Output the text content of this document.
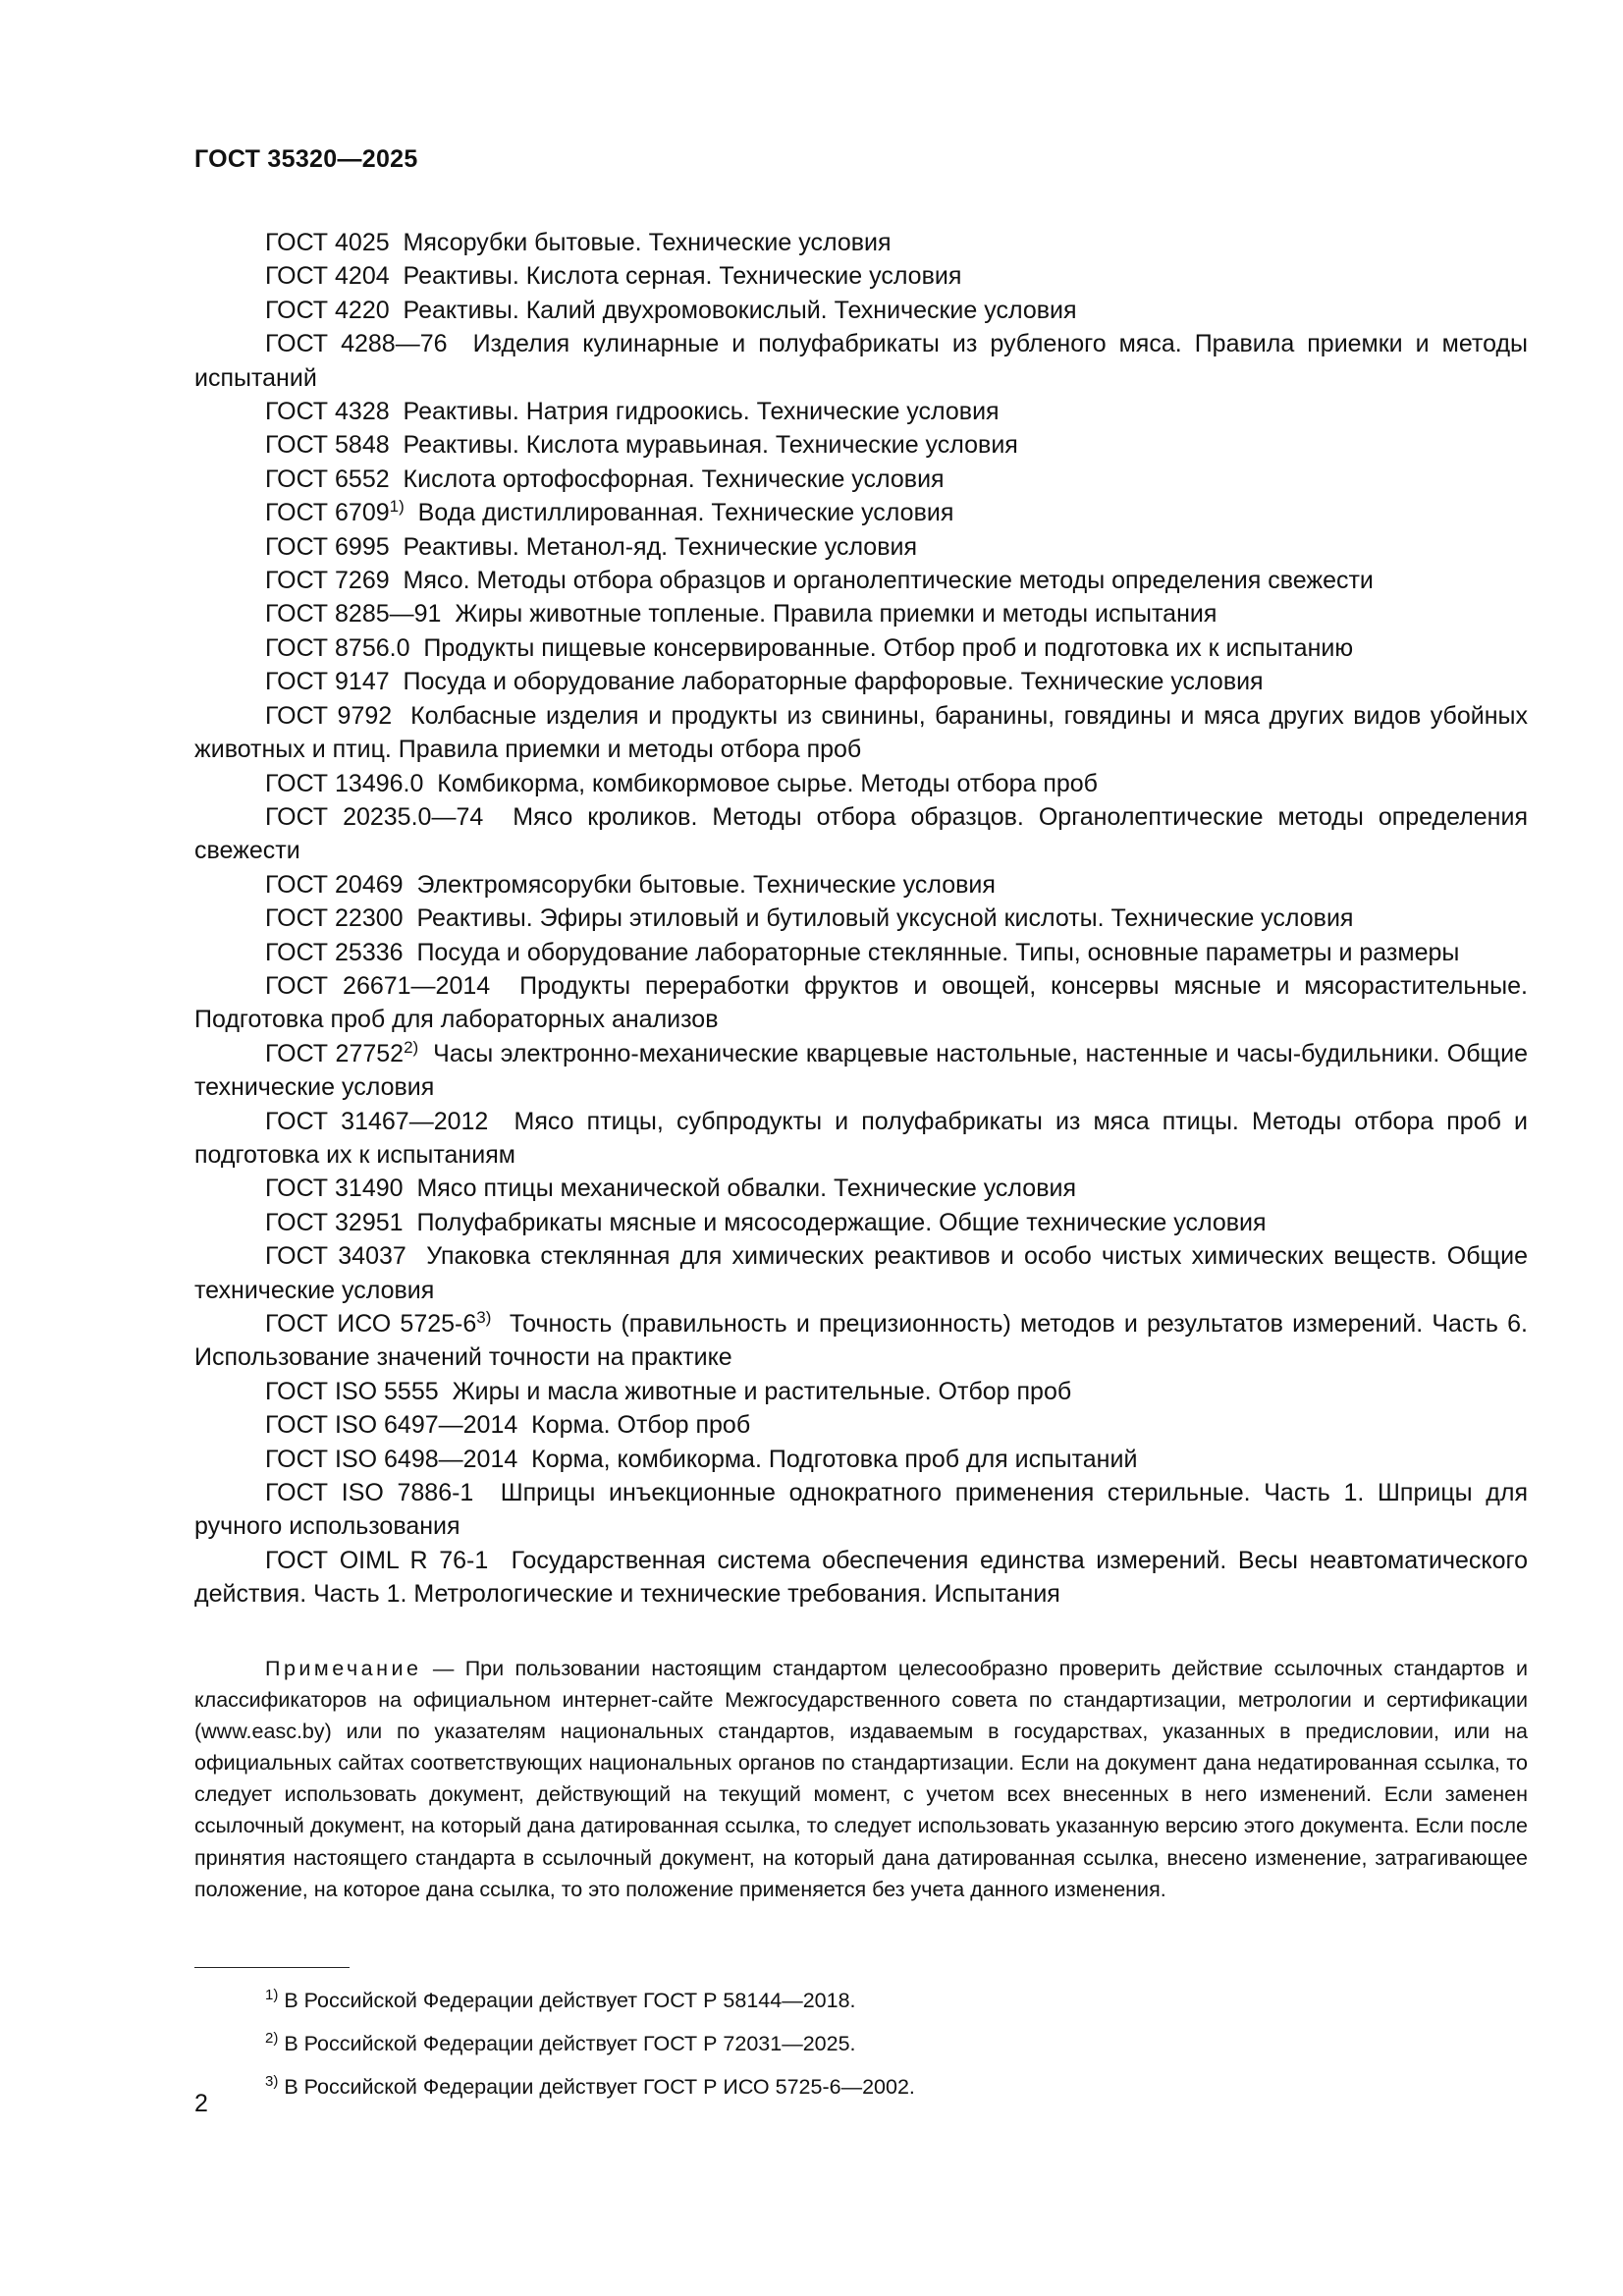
ГОСТ 35320—2025

ГОСТ 4025 Мясорубки бытовые. Технические условия

ГОСТ 4204 Реактивы. Кислота серная. Технические условия

ГОСТ 4220 Реактивы. Калий двухромовокислый. Технические условия

ГОСТ 4288—76 Изделия кулинарные и полуфабрикаты из рубленого мяса. Правила приемки и методы испытаний

ГОСТ 4328 Реактивы. Натрия гидроокись. Технические условия

ГОСТ 5848 Реактивы. Кислота муравьиная. Технические условия

ГОСТ 6552 Кислота ортофосфорная. Технические условия

ГОСТ 6709$^{1)}$ Вода дистиллированная. Технические условия

ГОСТ 6995 Реактивы. Метанол-яд. Технические условия

ГОСТ 7269 Мясо. Методы отбора образцов и органолептические методы определения свежести

ГОСТ 8285—91 Жиры животные топленые. Правила приемки и методы испытания

ГОСТ 8756.0 Продукты пищевые консервированные. Отбор проб и подготовка их к испытанию

ГОСТ 9147 Посуда и оборудование лабораторные фарфоровые. Технические условия

ГОСТ 9792 Колбасные изделия и продукты из свинины, баранины, говядины и мяса других видов убойных животных и птиц. Правила приемки и методы отбора проб

ГОСТ 13496.0 Комбикорма, комбикормовое сырье. Методы отбора проб

ГОСТ 20235.0—74 Мясо кроликов. Методы отбора образцов. Органолептические методы определения свежести

ГОСТ 20469 Электромясорубки бытовые. Технические условия

ГОСТ 22300 Реактивы. Эфиры этиловый и бутиловый уксусной кислоты. Технические условия

ГОСТ 25336 Посуда и оборудование лабораторные стеклянные. Типы, основные параметры и размеры

ГОСТ 26671—2014 Продукты переработки фруктов и овощей, консервы мясные и мясорастительные. Подготовка проб для лабораторных анализов

ГОСТ 27752$^{2)}$ Часы электронно-механические кварцевые настольные, настенные и часы-будильники. Общие технические условия

ГОСТ 31467—2012 Мясо птицы, субпродукты и полуфабрикаты из мяса птицы. Методы отбора проб и подготовка их к испытаниям

ГОСТ 31490 Мясо птицы механической обвалки. Технические условия

ГОСТ 32951 Полуфабрикаты мясные и мясосодержащие. Общие технические условия

ГОСТ 34037 Упаковка стеклянная для химических реактивов и особо чистых химических веществ. Общие технические условия

ГОСТ ИСО 5725-6$^{3)}$ Точность (правильность и прецизионность) методов и результатов измерений. Часть 6. Использование значений точности на практике

ГОСТ ISO 5555 Жиры и масла животные и растительные. Отбор проб

ГОСТ ISO 6497—2014 Корма. Отбор проб

ГОСТ ISO 6498—2014 Корма, комбикорма. Подготовка проб для испытаний

ГОСТ ISO 7886-1 Шприцы инъекционные однократного применения стерильные. Часть 1. Шприцы для ручного использования

ГОСТ OIML R 76-1 Государственная система обеспечения единства измерений. Весы неавтоматического действия. Часть 1. Метрологические и технические требования. Испытания

Примечание — При пользовании настоящим стандартом целесообразно проверить действие ссылочных стандартов и классификаторов на официальном интернет-сайте Межгосударственного совета по стандартизации, метрологии и сертификации (www.easc.by) или по указателям национальных стандартов, издаваемым в государствах, указанных в предисловии, или на официальных сайтах соответствующих национальных органов по стандартизации. Если на документ дана недатированная ссылка, то следует использовать документ, действующий на текущий момент, с учетом всех внесенных в него изменений. Если заменен ссылочный документ, на который дана датированная ссылка, то следует использовать указанную версию этого документа. Если после принятия настоящего стандарта в ссылочный документ, на который дана датированная ссылка, внесено изменение, затрагивающее положение, на которое дана ссылка, то это положение применяется без учета данного изменения.

$^{1)}$ В Российской Федерации действует ГОСТ Р 58144—2018.

$^{2)}$ В Российской Федерации действует ГОСТ Р 72031—2025.

$^{3)}$ В Российской Федерации действует ГОСТ Р ИСО 5725-6—2002.

2
